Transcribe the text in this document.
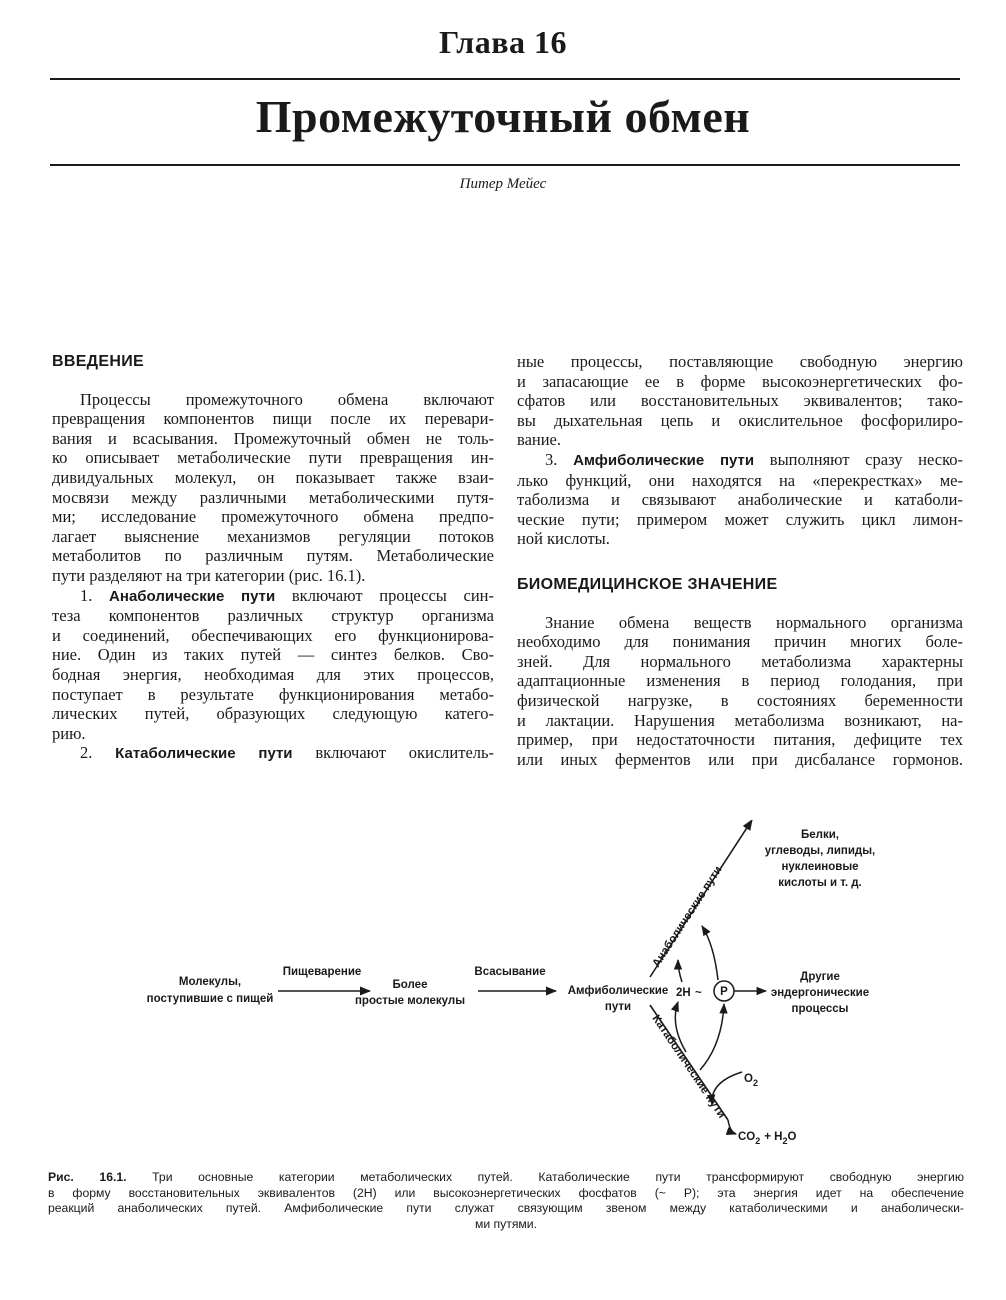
Глава 16
Промежуточный обмен
Питер Мейес
ВВЕДЕНИЕ
Процессы промежуточного обмена включают
превращения компонентов пищи после их перевари-
вания и всасывания. Промежуточный обмен не толь-
ко описывает метаболические пути превращения ин-
дивидуальных молекул, он показывает также взаи-
мосвязи между различными метаболическими путя-
ми; исследование промежуточного обмена предпо-
лагает выяснение механизмов регуляции потоков
метаболитов по различным путям. Метаболические
пути разделяют на три категории (рис. 16.1).
1. Анаболические пути включают процессы син-
теза компонентов различных структур организма
и соединений, обеспечивающих его функционирова-
ние. Один из таких путей — синтез белков. Сво-
бодная энергия, необходимая для этих процессов,
поступает в результате функционирования метабо-
лических путей, образующих следующую катего-
рию.
2. Катаболические пути включают окислитель-
ные процессы, поставляющие свободную энергию
и запасающие ее в форме высокоэнергетических фо-
сфатов или восстановительных эквивалентов; тако-
вы дыхательная цепь и окислительное фосфорилиро-
вание.
3. Амфиболические пути выполняют сразу неско-
лько функций, они находятся на «перекрестках» ме-
таболизма и связывают анаболические и катаболи-
ческие пути; примером может служить цикл лимон-
ной кислоты.
БИОМЕДИЦИНСКОЕ ЗНАЧЕНИЕ
Знание обмена веществ нормального организма
необходимо для понимания причин многих боле-
зней. Для нормального метаболизма характерны
адаптационные изменения в период голодания, при
физической нагрузке, в состояниях беременности
и лактации. Нарушения метаболизма возникают, на-
пример, при недостаточности питания, дефиците тех
или иных ферментов или при дисбалансе гормонов.
Молекулы,
поступившие с пищей
Пищеварение
Более
простые молекулы
Всасывание
Амфиболические
пути
Анаболические пути
Катаболические пути
Белки,
углеводы, липиды,
нуклеиновые
кислоты и т. д.
2H ~ P
Другие
эндергонические
процессы
$O_2$
$CO_2 + H_2O$
Рис. 16.1. Три основные категории метаболических путей. Катаболические пути трансформируют свободную энергию
в форму восстановительных эквивалентов (2H) или высокоэнергетических фосфатов (~ P); эта энергия идет на обеспечение
реакций анаболических путей. Амфиболические пути служат связующим звеном между катаболическими и анаболически-
ми путями.
